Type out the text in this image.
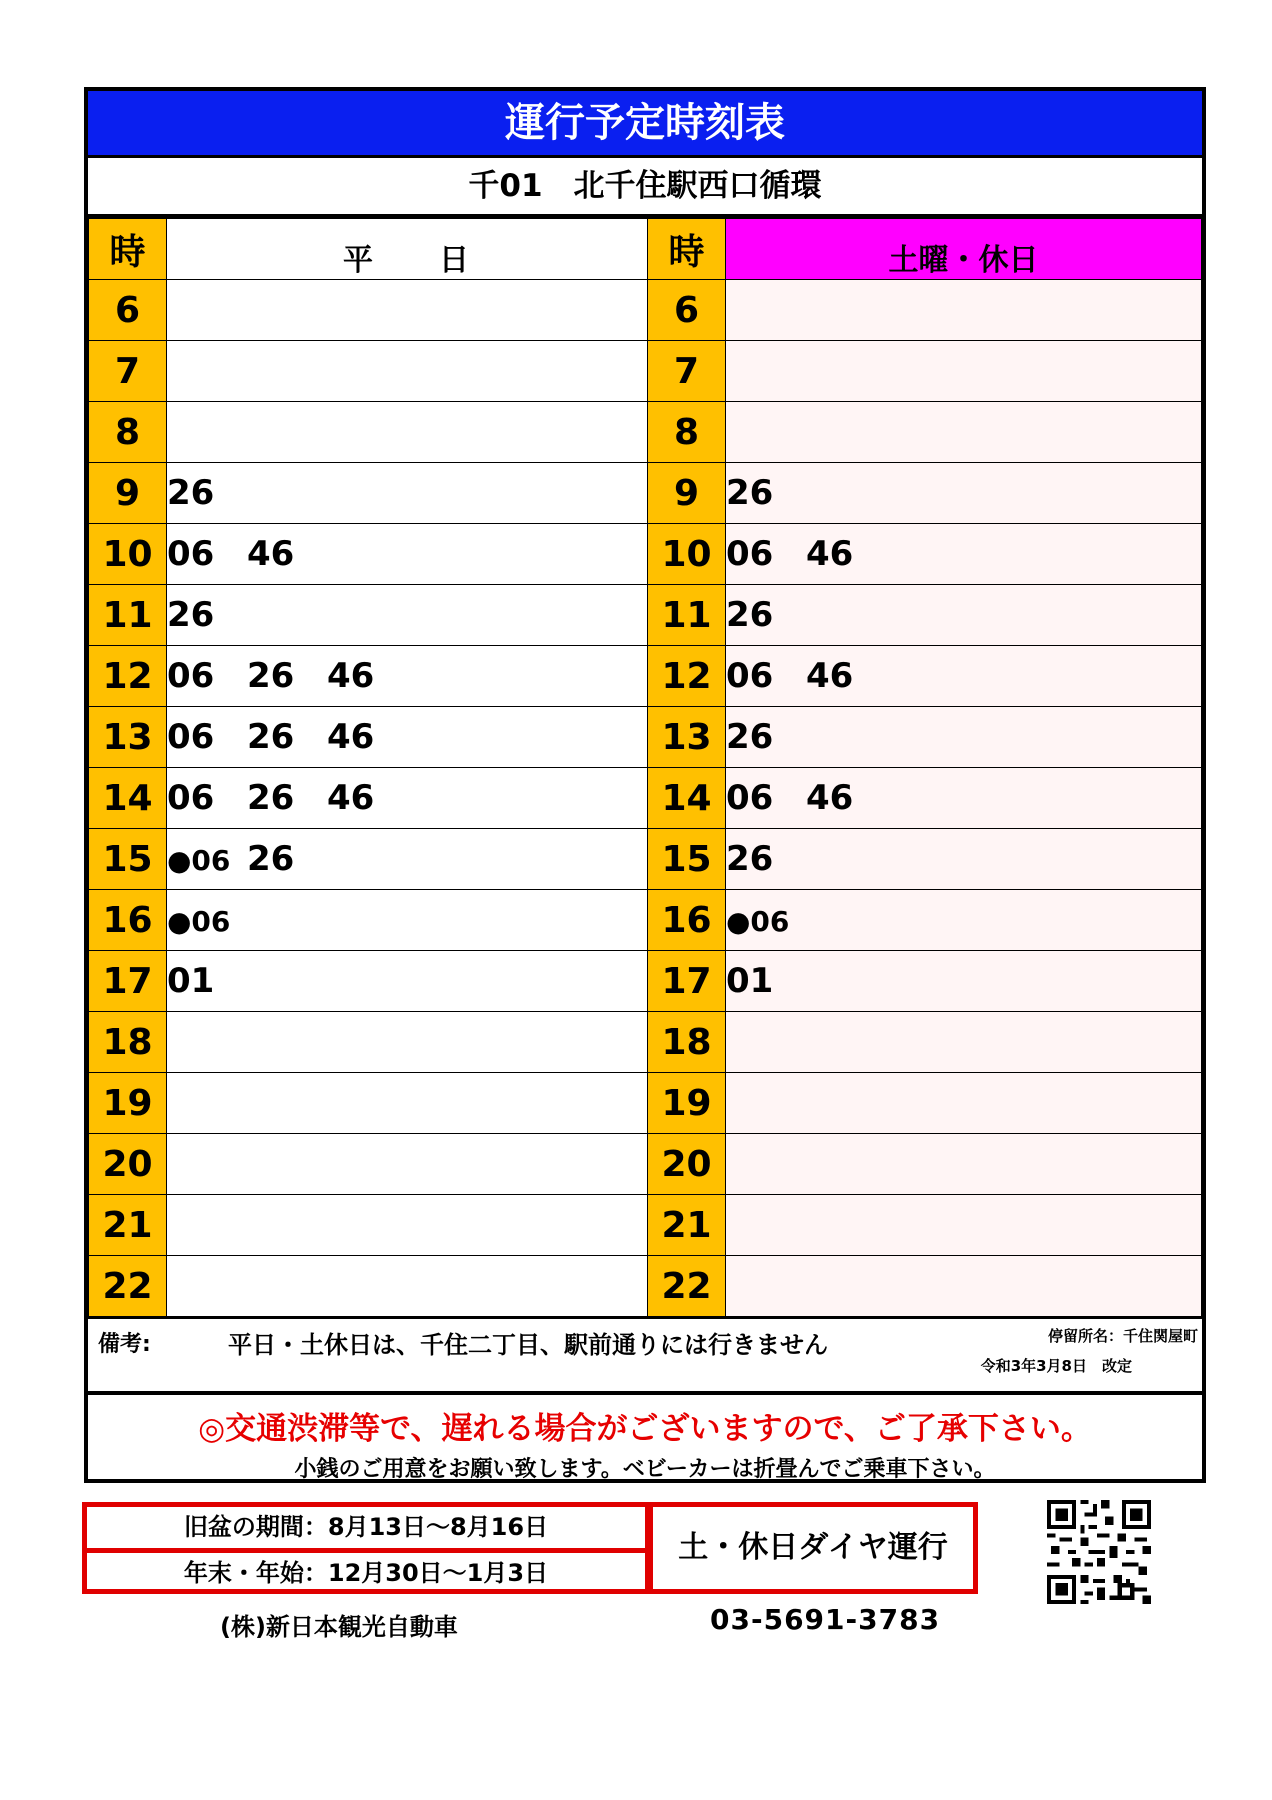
運行予定時刻表
千01　北千住駅西口循環
時	平　　日	時	土曜・休日
6		6	
7		7	
8		8	
9	26	9	26
10	06 46	10	06 46
11	26	11	26
12	06 26 46	12	06 46
13	06 26 46	13	26
14	06 26 46	14	06 46
15	●06 26	15	26
16	●06	16	●06
17	01	17	01
18		18	
19		19	
20		20	
21		21	
22		22	
備考:	平日・土休日は、千住二丁目、駅前通りには行きません	停留所名：千住関屋町
令和3年3月8日　改定
◎交通渋滞等で、遅れる場合がございますので、ご了承下さい。
小銭のご用意をお願い致します。ベビーカーは折畳んでご乗車下さい。
旧盆の期間：8月13日～8月16日
年末・年始：12月30日～1月3日
土・休日ダイヤ運行
(株)新日本観光自動車	03-5691-3783
